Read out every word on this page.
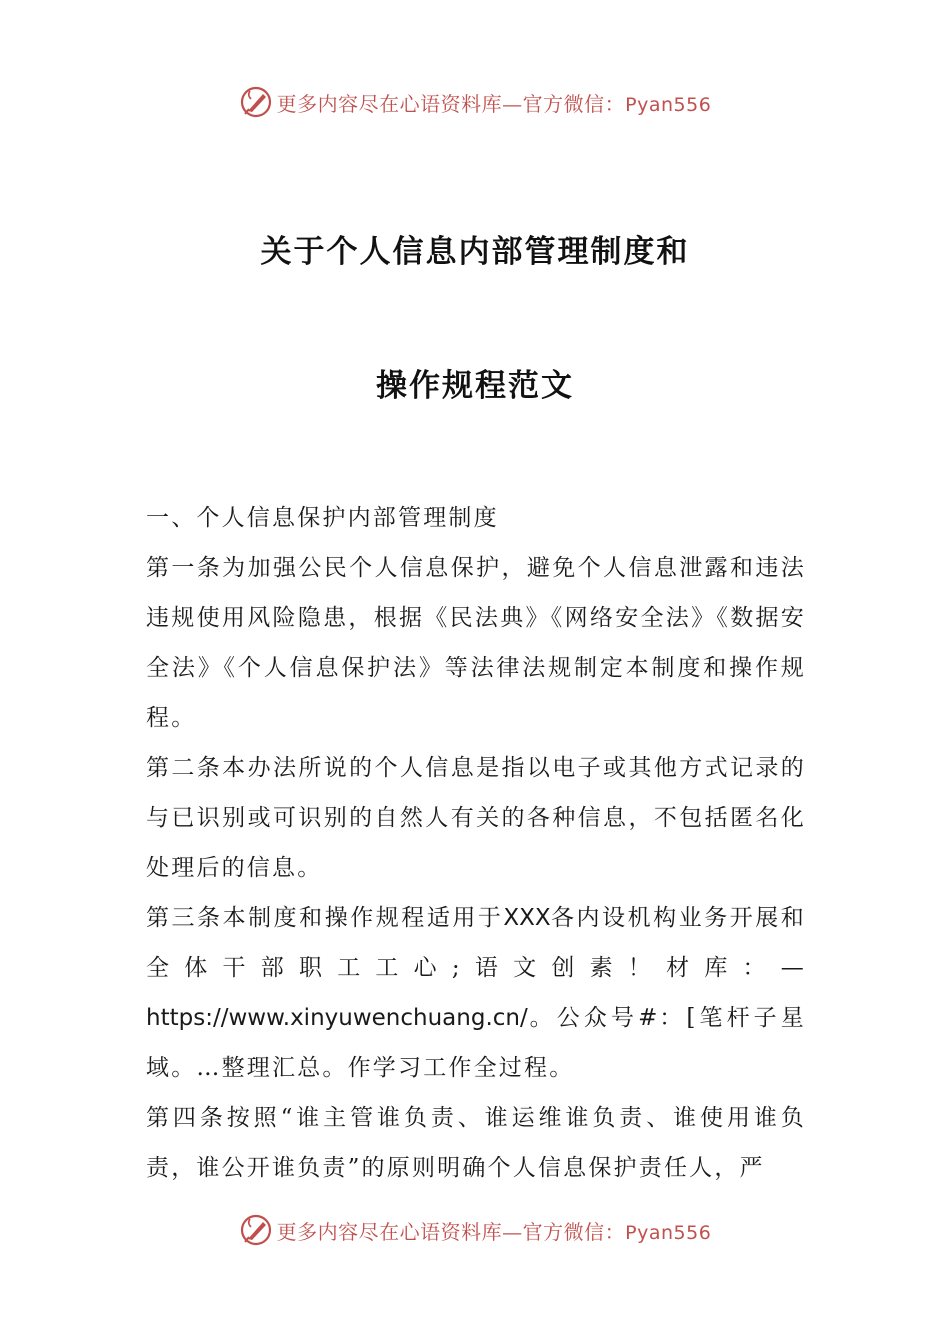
更多内容尽在心语资料库—官方微信：Pyan556
关于个人信息内部管理制度和
操作规程范文

一、个人信息保护内部管理制度

第一条为加强公民个人信息保护，避免个人信息泄露和违法违规使用风险隐患，根据《民法典》《网络安全法》《数据安全法》《个人信息保护法》等法律法规制定本制度和操作规程。

第二条本办法所说的个人信息是指以电子或其他方式记录的与已识别或可识别的自然人有关的各种信息，不包括匿名化处理后的信息。

第三条本制度和操作规程适用于XXX各内设机构业务开展和全体干部职工工心;语文创素！材库：—https://www.xinyuwenchuang.cn/。公众号#：[笔杆子星域。…整理汇总。作学习工作全过程。

第四条按照“谁主管谁负责、谁运维谁负责、谁使用谁负责，谁公开谁负责”的原则明确个人信息保护责任人，严

更多内容尽在心语资料库—官方微信：Pyan556
